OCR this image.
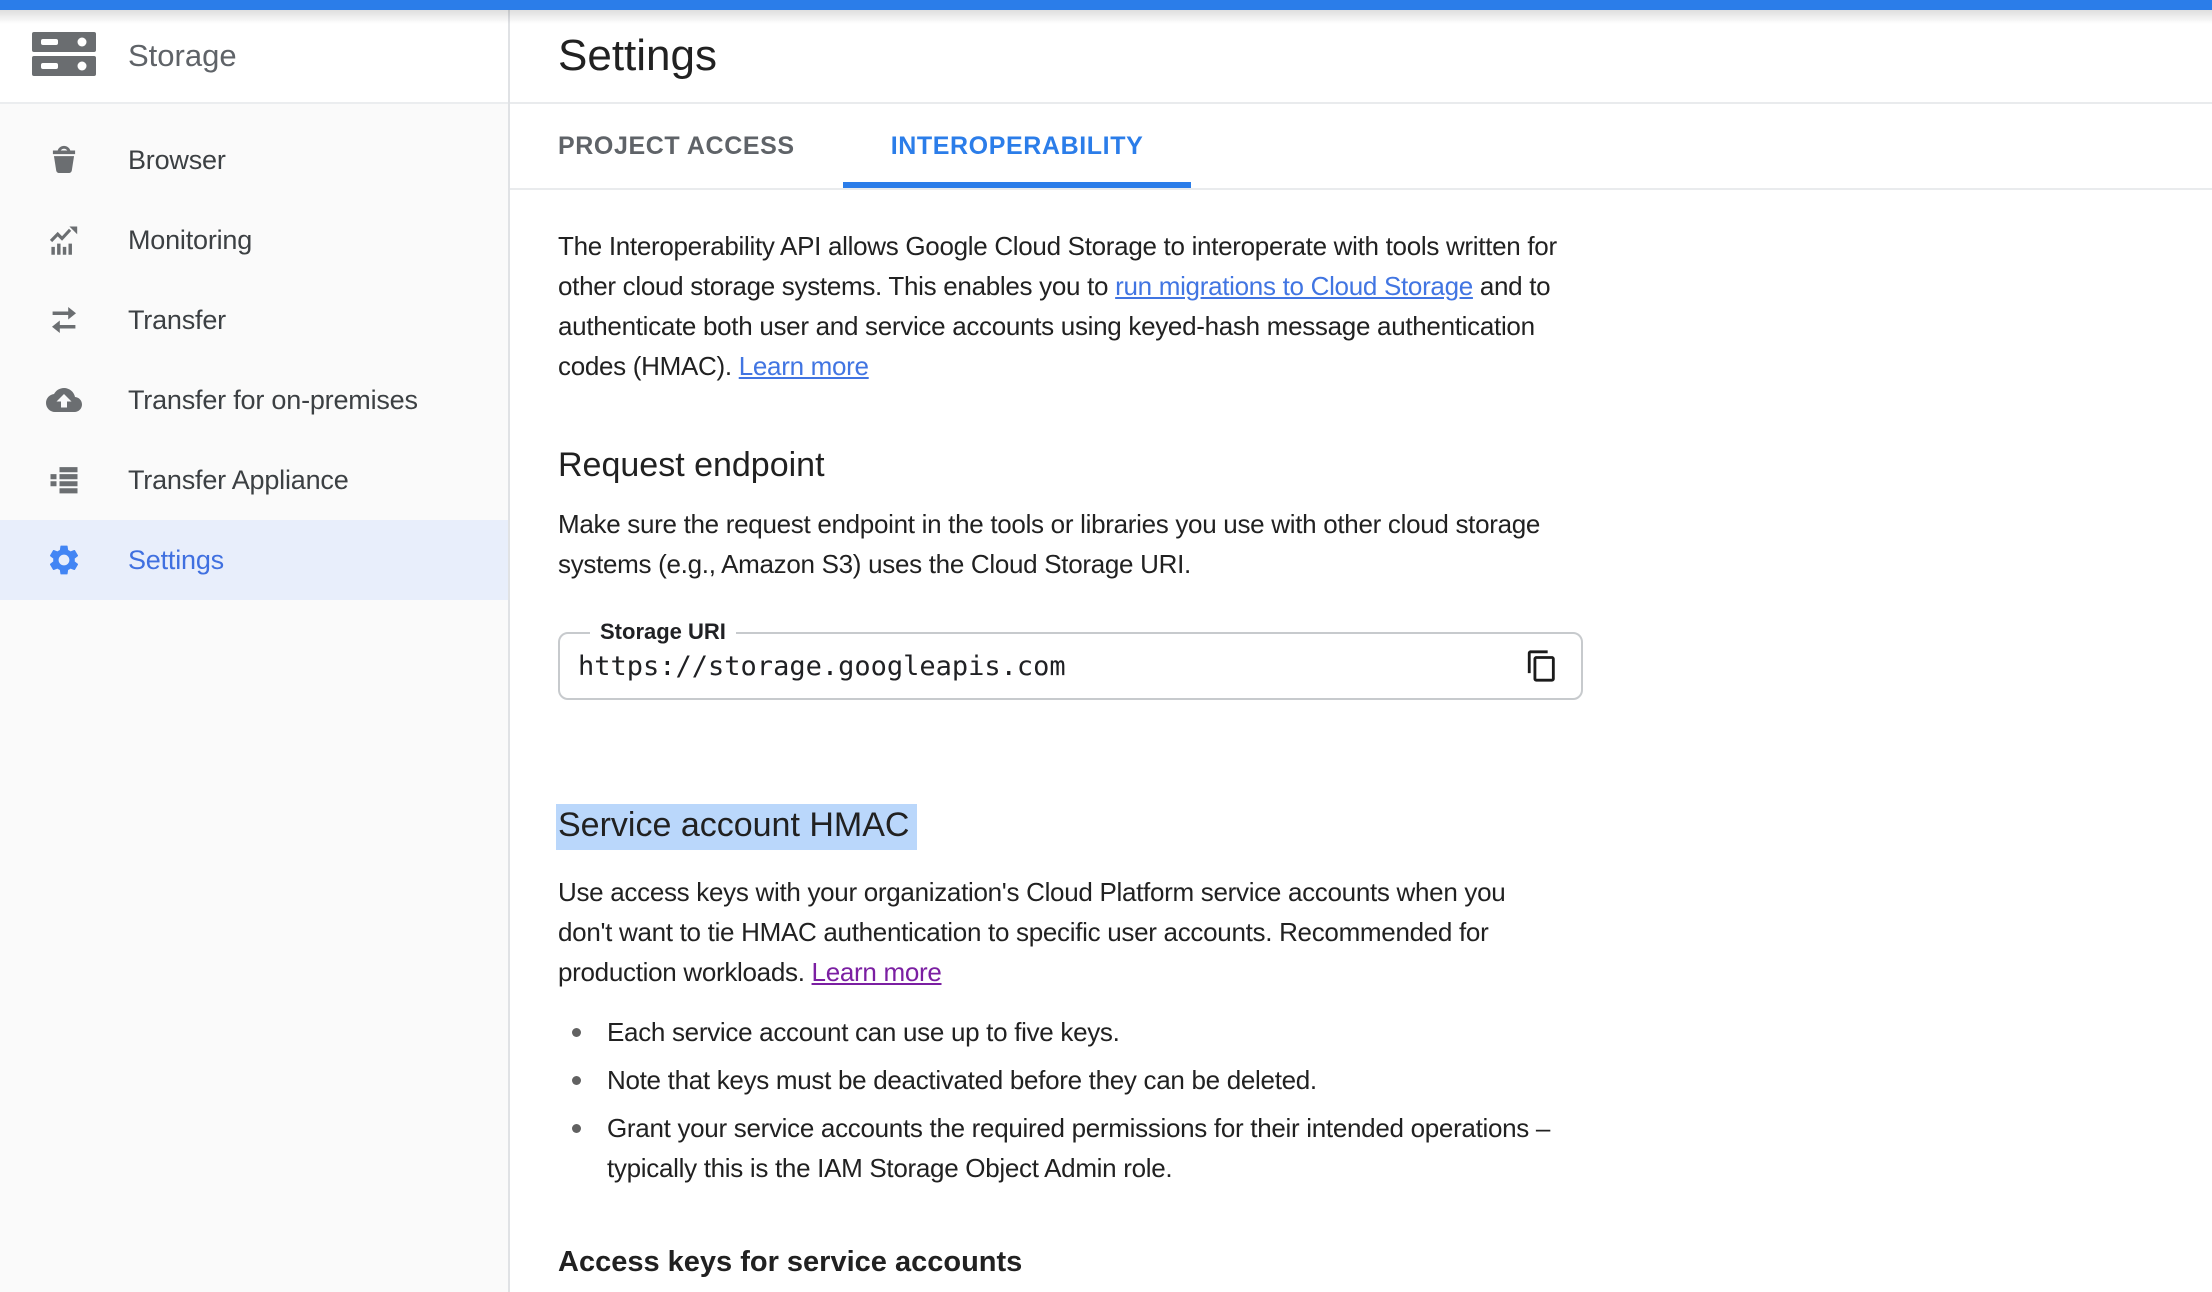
Storage
Browser
Monitoring
Transfer
Transfer for on-premises
Transfer Appliance
Settings
Settings
PROJECT ACCESS	INTEROPERABILITY

The Interoperability API allows Google Cloud Storage to interoperate with tools written for other cloud storage systems. This enables you to run migrations to Cloud Storage and to authenticate both user and service accounts using keyed-hash message authentication codes (HMAC). Learn more

Request endpoint

Make sure the request endpoint in the tools or libraries you use with other cloud storage systems (e.g., Amazon S3) uses the Cloud Storage URI.

Storage URI
https://storage.googleapis.com
Service account HMAC

Use access keys with your organization's Cloud Platform service accounts when you don't want to tie HMAC authentication to specific user accounts. Recommended for production workloads. Learn more

Each service account can use up to five keys.
Note that keys must be deactivated before they can be deleted.
Grant your service accounts the required permissions for their intended operations – typically this is the IAM Storage Object Admin role.
Access keys for service accounts
